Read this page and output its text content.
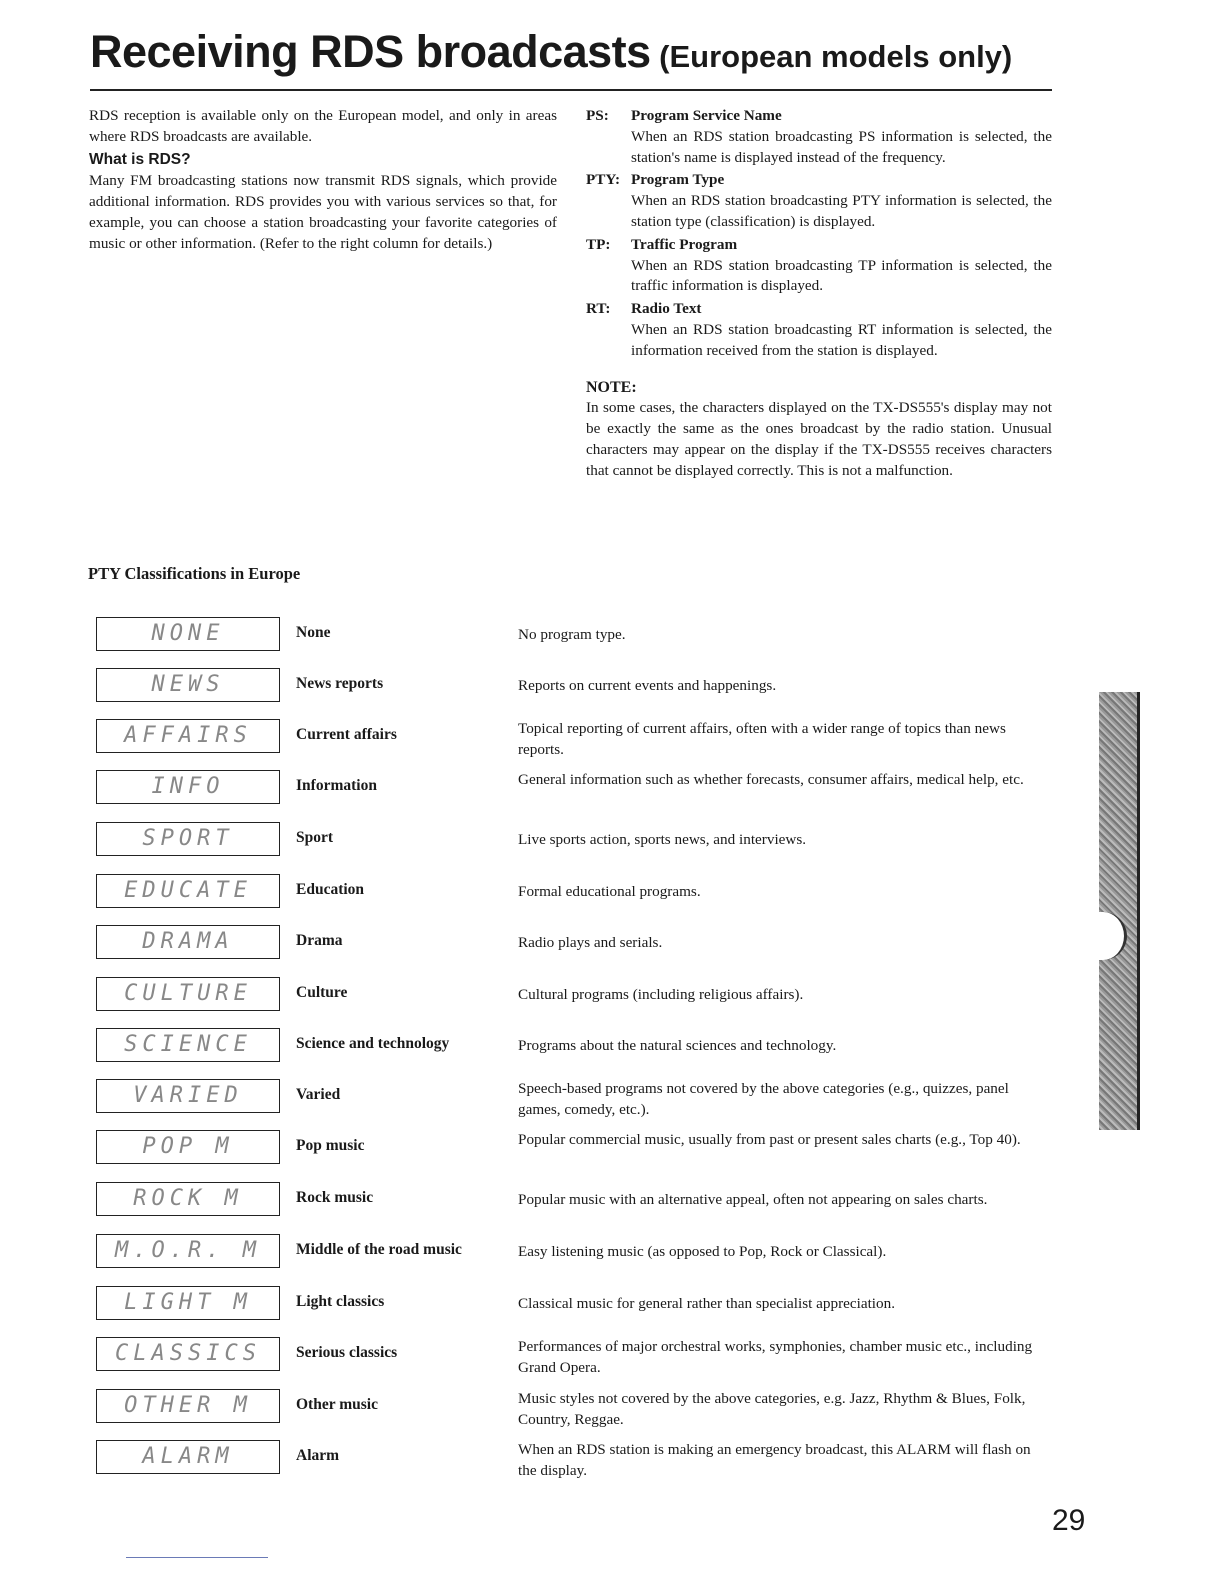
Receiving RDS broadcasts (European models only)

RDS reception is available only on the European model, and only in areas where RDS broadcasts are available.

What is RDS?

Many FM broadcasting stations now transmit RDS signals, which provide additional information. RDS provides you with various services so that, for example, you can choose a station broadcasting your favorite categories of music or other information. (Refer to the right column for details.)

PS: Program Service Name
When an RDS station broadcasting PS information is selected, the station's name is displayed instead of the frequency.
PTY: Program Type
When an RDS station broadcasting PTY information is selected, the station type (classification) is displayed.
TP: Traffic Program
When an RDS station broadcasting TP information is selected, the traffic information is displayed.
RT: Radio Text
When an RDS station broadcasting RT information is selected, the information received from the station is displayed.
NOTE:

In some cases, the characters displayed on the TX-DS555's display may not be exactly the same as the ones broadcast by the radio station. Unusual characters may appear on the display if the TX-DS555 receives characters that cannot be displayed correctly. This is not a malfunction.

PTY Classifications in Europe
NONE	None	No program type.
NEWS	News reports	Reports on current events and happenings.
AFFAIRS	Current affairs	Topical reporting of current affairs, often with a wider range of topics than news reports.
INFO	Information	General information such as whether forecasts, consumer affairs, medical help, etc.
SPORT	Sport	Live sports action, sports news, and interviews.
EDUCATE	Education	Formal educational programs.
DRAMA	Drama	Radio plays and serials.
CULTURE	Culture	Cultural programs (including religious affairs).
SCIENCE	Science and technology	Programs about the natural sciences and technology.
VARIED	Varied	Speech-based programs not covered by the above categories (e.g., quizzes, panel games, comedy, etc.).
POP M	Pop music	Popular commercial music, usually from past or present sales charts (e.g., Top 40).
ROCK M	Rock music	Popular music with an alternative appeal, often not appearing on sales charts.
M.O.R. M	Middle of the road music	Easy listening music (as opposed to Pop, Rock or Classical).
LIGHT M	Light classics	Classical music for general rather than specialist appreciation.
CLASSICS	Serious classics	Performances of major orchestral works, symphonies, chamber music etc., including Grand Opera.
OTHER M	Other music	Music styles not covered by the above categories, e.g. Jazz, Rhythm & Blues, Folk, Country, Reggae.
ALARM	Alarm	When an RDS station is making an emergency broadcast, this ALARM will flash on the display.
29
